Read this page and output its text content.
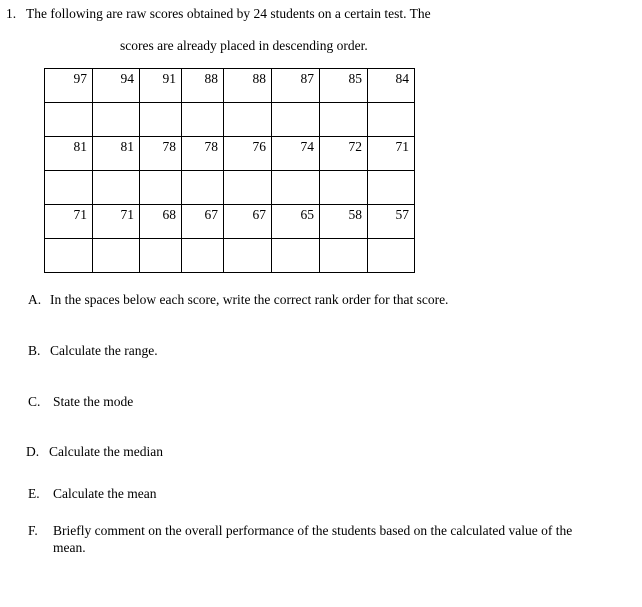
1. The following are raw scores obtained by 24 students on a certain test. The
scores are already placed in descending order.
97	94	91	88	88	87	85	84

81	81	78	78	76	74	72	71

71	71	68	67	67	65	58	57

A. In the spaces below each score, write the correct rank order for that score.
B. Calculate the range.
C. State the mode
D. Calculate the median
E. Calculate the mean
F. Briefly comment on the overall performance of the students based on the calculated value of the
mean.
